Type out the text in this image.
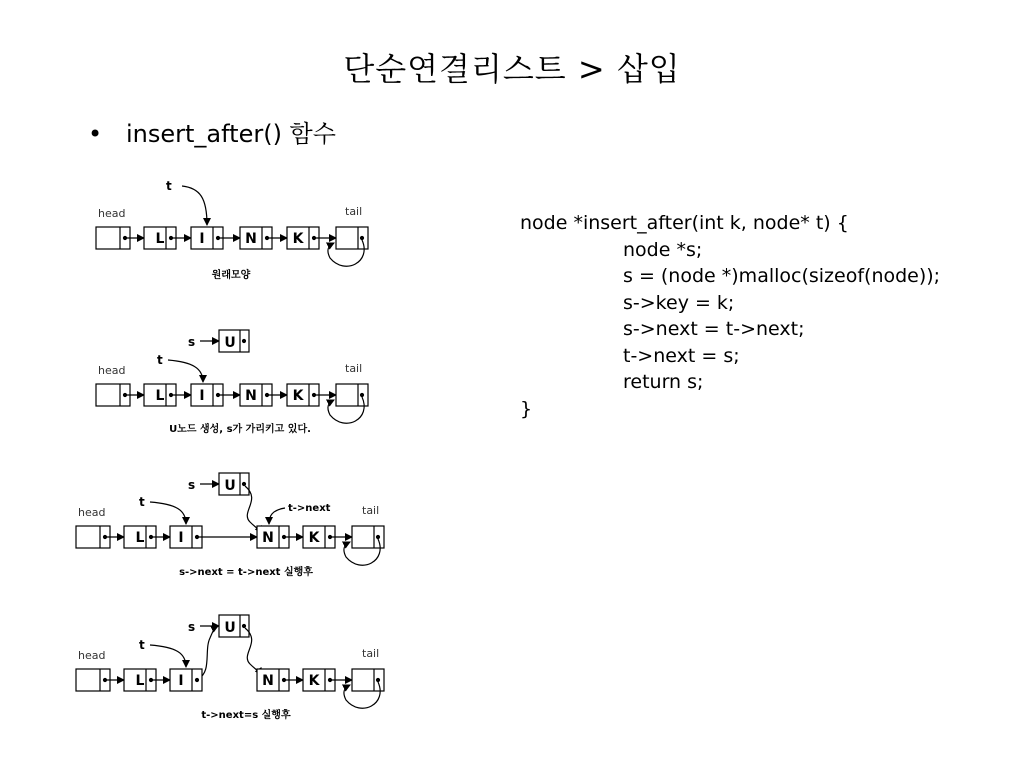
단순연결리스트 > 삽입
• insert_after() 함수
head	tail
t
L I	N	K
원래모양
s U
t
head	tail
L I	N	K
U노드 생성, s가 가리키고 있다.
s U
t	t->next
head	tail
L I	N K
s->next = t->next 실행후
s U
t
head	tail
L I	N K
t->next=s 실행후
node *insert_after(int k, node* t) {
node *s;
s = (node *)malloc(sizeof(node));
s->key = k;
s->next = t->next;
t->next = s;
return s;
}
